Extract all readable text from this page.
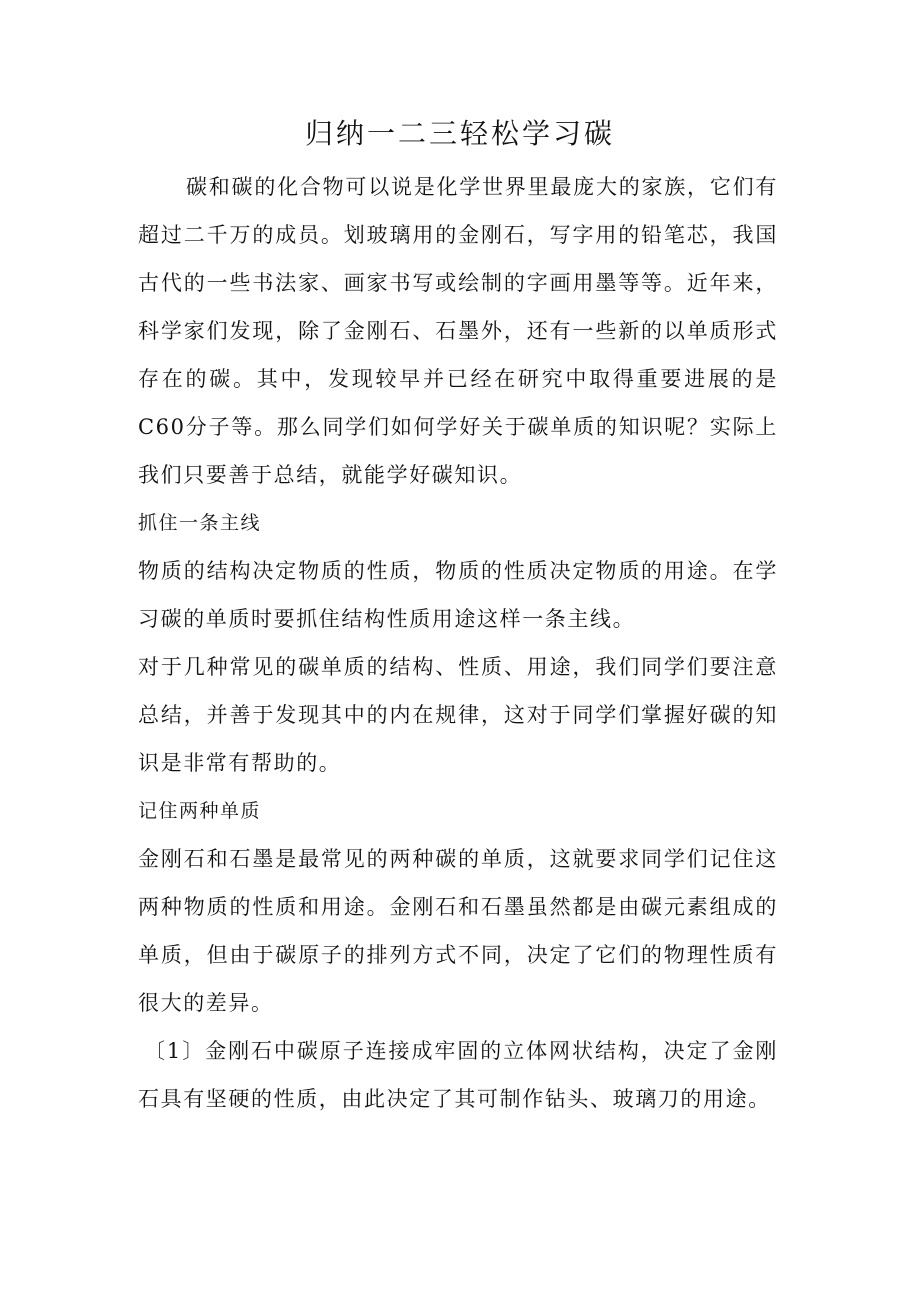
归纳一二三轻松学习碳

碳和碳的化合物可以说是化学世界里最庞大的家族，它们有超过二千万的成员。划玻璃用的金刚石，写字用的铅笔芯，我国古代的一些书法家、画家书写或绘制的字画用墨等等。近年来，科学家们发现，除了金刚石、石墨外，还有一些新的以单质形式存在的碳。其中，发现较早并已经在研究中取得重要进展的是C60分子等。那么同学们如何学好关于碳单质的知识呢？实际上我们只要善于总结，就能学好碳知识。

抓住一条主线

物质的结构决定物质的性质，物质的性质决定物质的用途。在学习碳的单质时要抓住结构性质用途这样一条主线。

对于几种常见的碳单质的结构、性质、用途，我们同学们要注意总结，并善于发现其中的内在规律，这对于同学们掌握好碳的知识是非常有帮助的。

记住两种单质

金刚石和石墨是最常见的两种碳的单质，这就要求同学们记住这两种物质的性质和用途。金刚石和石墨虽然都是由碳元素组成的单质，但由于碳原子的排列方式不同，决定了它们的物理性质有很大的差异。

〔1〕金刚石中碳原子连接成牢固的立体网状结构，决定了金刚石具有坚硬的性质，由此决定了其可制作钻头、玻璃刀的用途。
